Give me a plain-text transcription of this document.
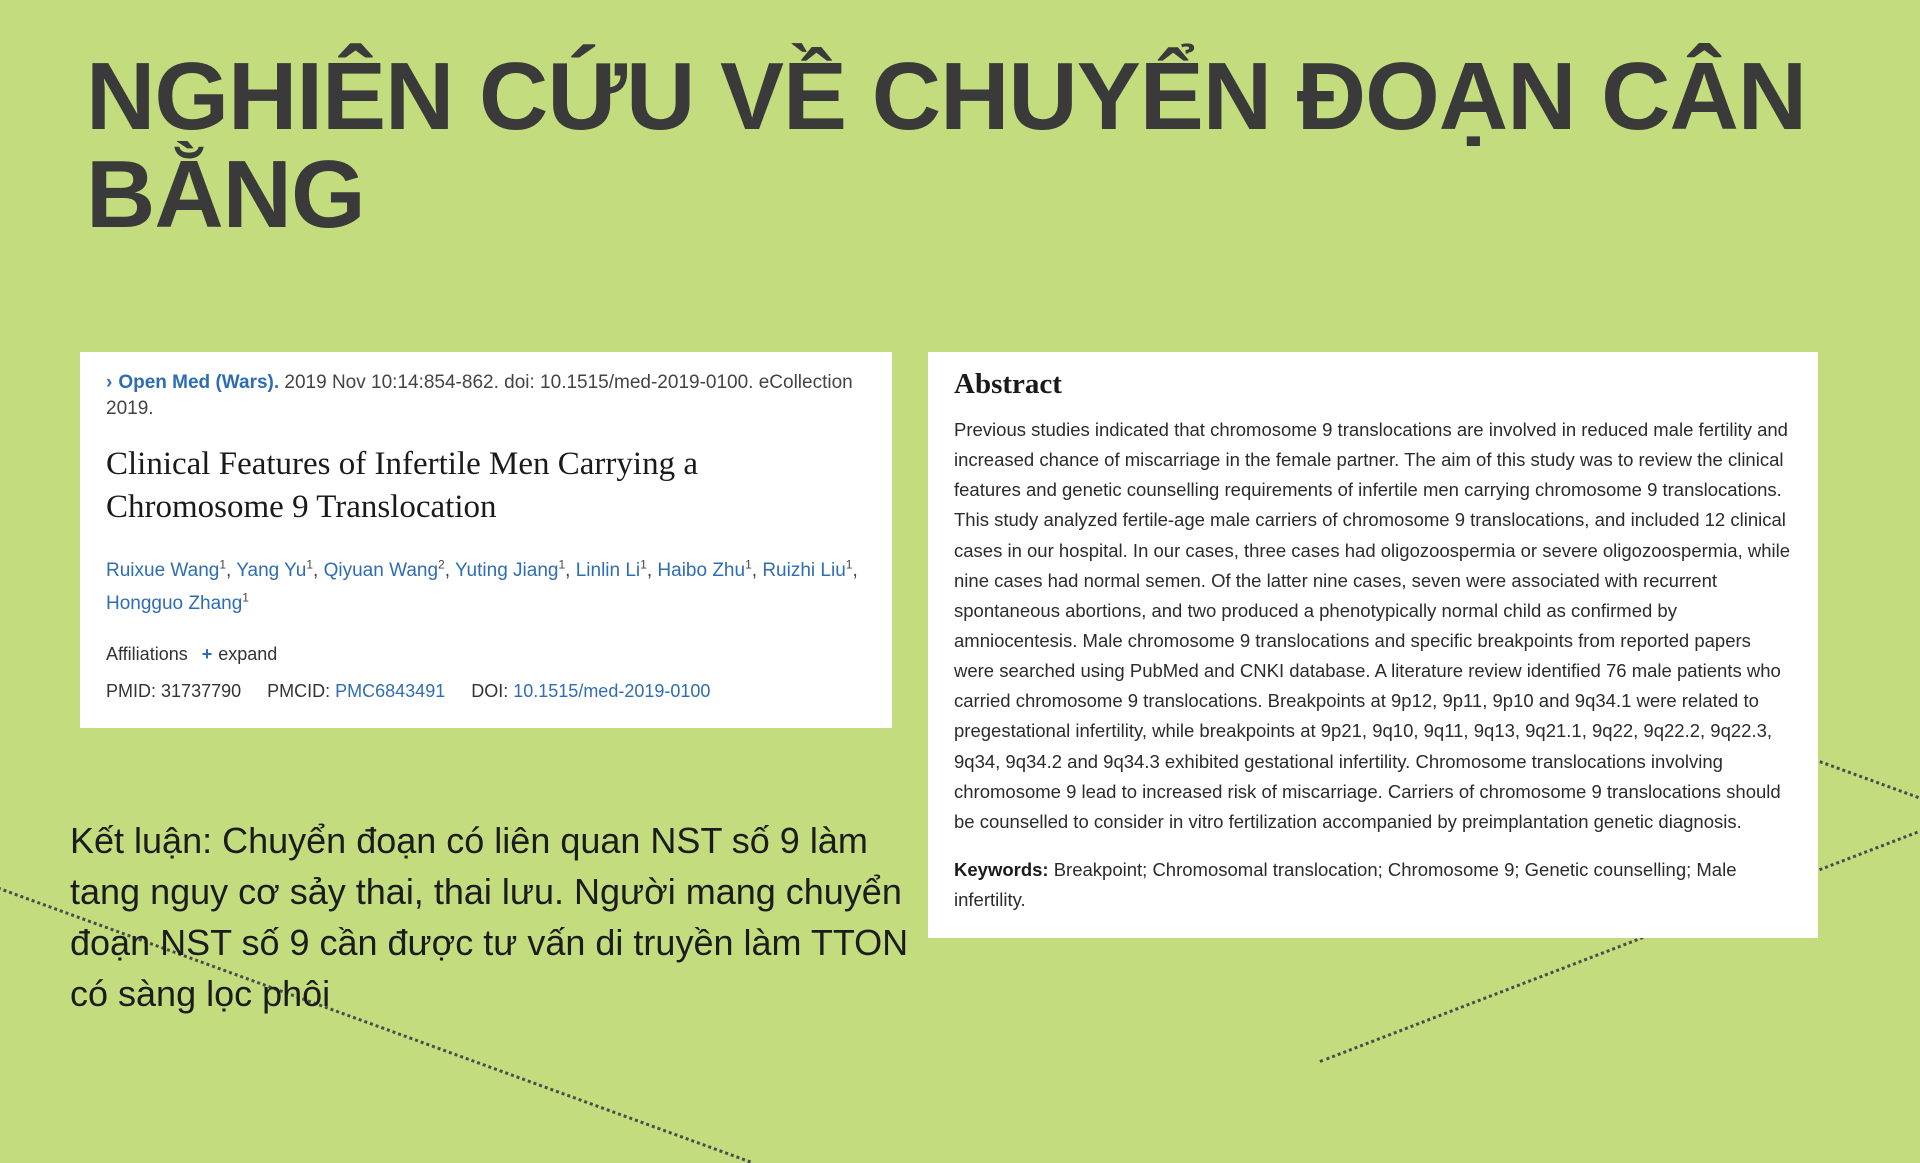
NGHIÊN CỨU VỀ CHUYỂN ĐOẠN CÂN BẰNG
› Open Med (Wars). 2019 Nov 10:14:854-862. doi: 10.1515/med-2019-0100. eCollection 2019.
Clinical Features of Infertile Men Carrying a Chromosome 9 Translocation
Ruixue Wang$^1$, Yang Yu$^1$, Qiyuan Wang$^2$, Yuting Jiang$^1$, Linlin Li$^1$, Haibo Zhu$^1$, Ruizhi Liu$^1$, Hongguo Zhang$^1$
Affiliations + expand
PMID: 31737790 PMCID: PMC6843491 DOI: 10.1515/med-2019-0100
Abstract
Previous studies indicated that chromosome 9 translocations are involved in reduced male fertility and increased chance of miscarriage in the female partner. The aim of this study was to review the clinical features and genetic counselling requirements of infertile men carrying chromosome 9 translocations. This study analyzed fertile-age male carriers of chromosome 9 translocations, and included 12 clinical cases in our hospital. In our cases, three cases had oligozoospermia or severe oligozoospermia, while nine cases had normal semen. Of the latter nine cases, seven were associated with recurrent spontaneous abortions, and two produced a phenotypically normal child as confirmed by amniocentesis. Male chromosome 9 translocations and specific breakpoints from reported papers were searched using PubMed and CNKI database. A literature review identified 76 male patients who carried chromosome 9 translocations. Breakpoints at 9p12, 9p11, 9p10 and 9q34.1 were related to pregestational infertility, while breakpoints at 9p21, 9q10, 9q11, 9q13, 9q21.1, 9q22, 9q22.2, 9q22.3, 9q34, 9q34.2 and 9q34.3 exhibited gestational infertility. Chromosome translocations involving chromosome 9 lead to increased risk of miscarriage. Carriers of chromosome 9 translocations should be counselled to consider in vitro fertilization accompanied by preimplantation genetic diagnosis.
Keywords: Breakpoint; Chromosomal translocation; Chromosome 9; Genetic counselling; Male infertility.
Kết luận: Chuyển đoạn có liên quan NST số 9 làm tang nguy cơ sảy thai, thai lưu. Người mang chuyển đoạn NST số 9 cần được tư vấn di truyền làm TTON có sàng lọc phôi
